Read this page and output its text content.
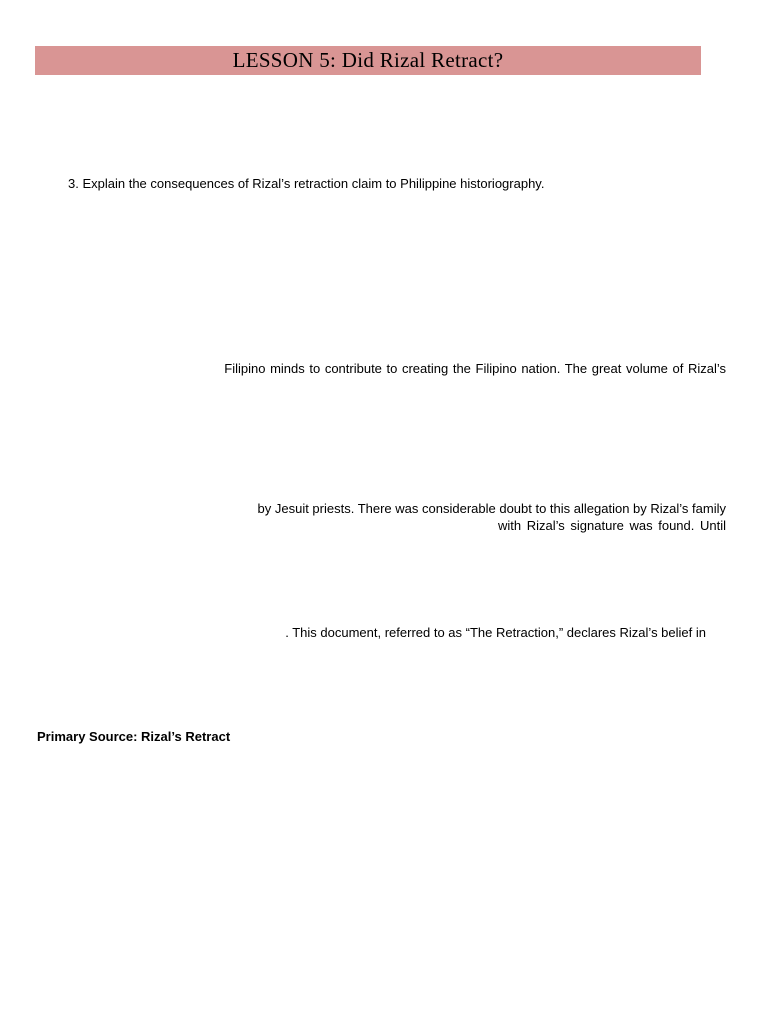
LESSON 5: Did Rizal Retract?
3. Explain the consequences of Rizal’s retraction claim to Philippine historiography.
Filipino minds to contribute to creating the Filipino nation. The great volume of Rizal’s
by Jesuit priests. There was considerable doubt to this allegation by Rizal’s family
with Rizal’s signature was found. Until
. This document, referred to as “The Retraction,” declares Rizal’s belief in
Primary Source: Rizal’s Retract
